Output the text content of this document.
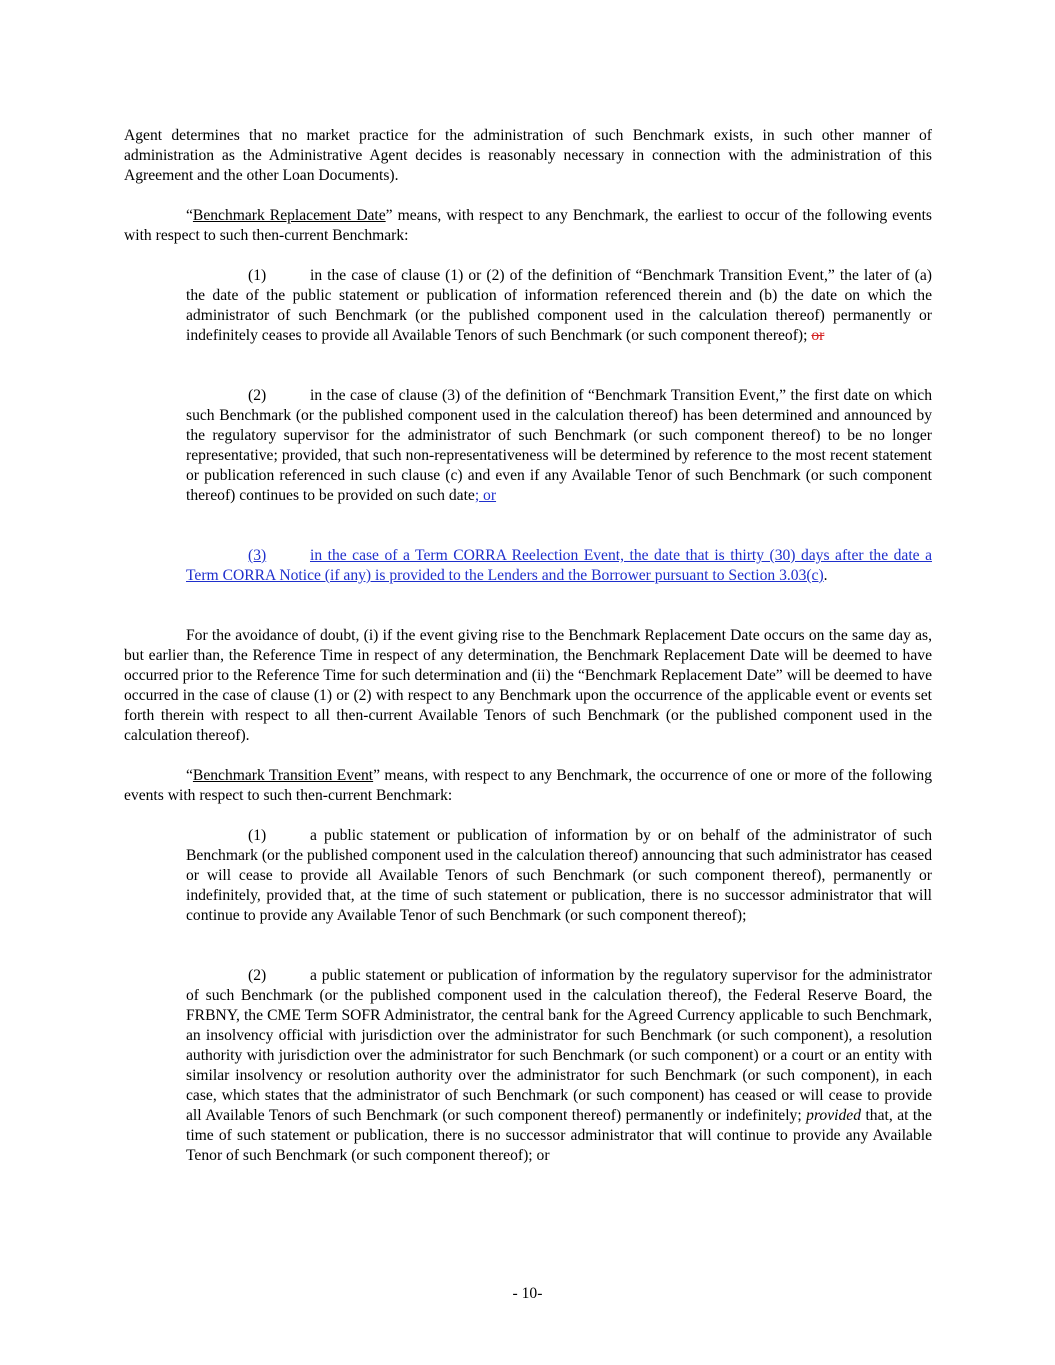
Agent determines that no market practice for the administration of such Benchmark exists, in such other manner of administration as the Administrative Agent decides is reasonably necessary in connection with the administration of this Agreement and the other Loan Documents).

“Benchmark Replacement Date” means, with respect to any Benchmark, the earliest to occur of the following events with respect to such then-current Benchmark:

(1)	in the case of clause (1) or (2) of the definition of “Benchmark Transition Event,” the later of (a) the date of the public statement or publication of information referenced therein and (b) the date on which the administrator of such Benchmark (or the published component used in the calculation thereof) permanently or indefinitely ceases to provide all Available Tenors of such Benchmark (or such component thereof); or

(2)	in the case of clause (3) of the definition of “Benchmark Transition Event,” the first date on which such Benchmark (or the published component used in the calculation thereof) has been determined and announced by the regulatory supervisor for the administrator of such Benchmark (or such component thereof) to be no longer representative; provided, that such non-representativeness will be determined by reference to the most recent statement or publication referenced in such clause (c) and even if any Available Tenor of such Benchmark (or such component thereof) continues to be provided on such date; or

(3)	in the case of a Term CORRA Reelection Event, the date that is thirty (30) days after the date a Term CORRA Notice (if any) is provided to the Lenders and the Borrower pursuant to Section 3.03(c).

For the avoidance of doubt, (i) if the event giving rise to the Benchmark Replacement Date occurs on the same day as, but earlier than, the Reference Time in respect of any determination, the Benchmark Replacement Date will be deemed to have occurred prior to the Reference Time for such determination and (ii) the “Benchmark Replacement Date” will be deemed to have occurred in the case of clause (1) or (2) with respect to any Benchmark upon the occurrence of the applicable event or events set forth therein with respect to all then-current Available Tenors of such Benchmark (or the published component used in the calculation thereof).

“Benchmark Transition Event” means, with respect to any Benchmark, the occurrence of one or more of the following events with respect to such then-current Benchmark:

(1)	a public statement or publication of information by or on behalf of the administrator of such Benchmark (or the published component used in the calculation thereof) announcing that such administrator has ceased or will cease to provide all Available Tenors of such Benchmark (or such component thereof), permanently or indefinitely, provided that, at the time of such statement or publication, there is no successor administrator that will continue to provide any Available Tenor of such Benchmark (or such component thereof);

(2)	a public statement or publication of information by the regulatory supervisor for the administrator of such Benchmark (or the published component used in the calculation thereof), the Federal Reserve Board, the FRBNY, the CME Term SOFR Administrator, the central bank for the Agreed Currency applicable to such Benchmark, an insolvency official with jurisdiction over the administrator for such Benchmark (or such component), a resolution authority with jurisdiction over the administrator for such Benchmark (or such component) or a court or an entity with similar insolvency or resolution authority over the administrator for such Benchmark (or such component), in each case, which states that the administrator of such Benchmark (or such component) has ceased or will cease to provide all Available Tenors of such Benchmark (or such component thereof) permanently or indefinitely; provided that, at the time of such statement or publication, there is no successor administrator that will continue to provide any Available Tenor of such Benchmark (or such component thereof); or

- 10-
